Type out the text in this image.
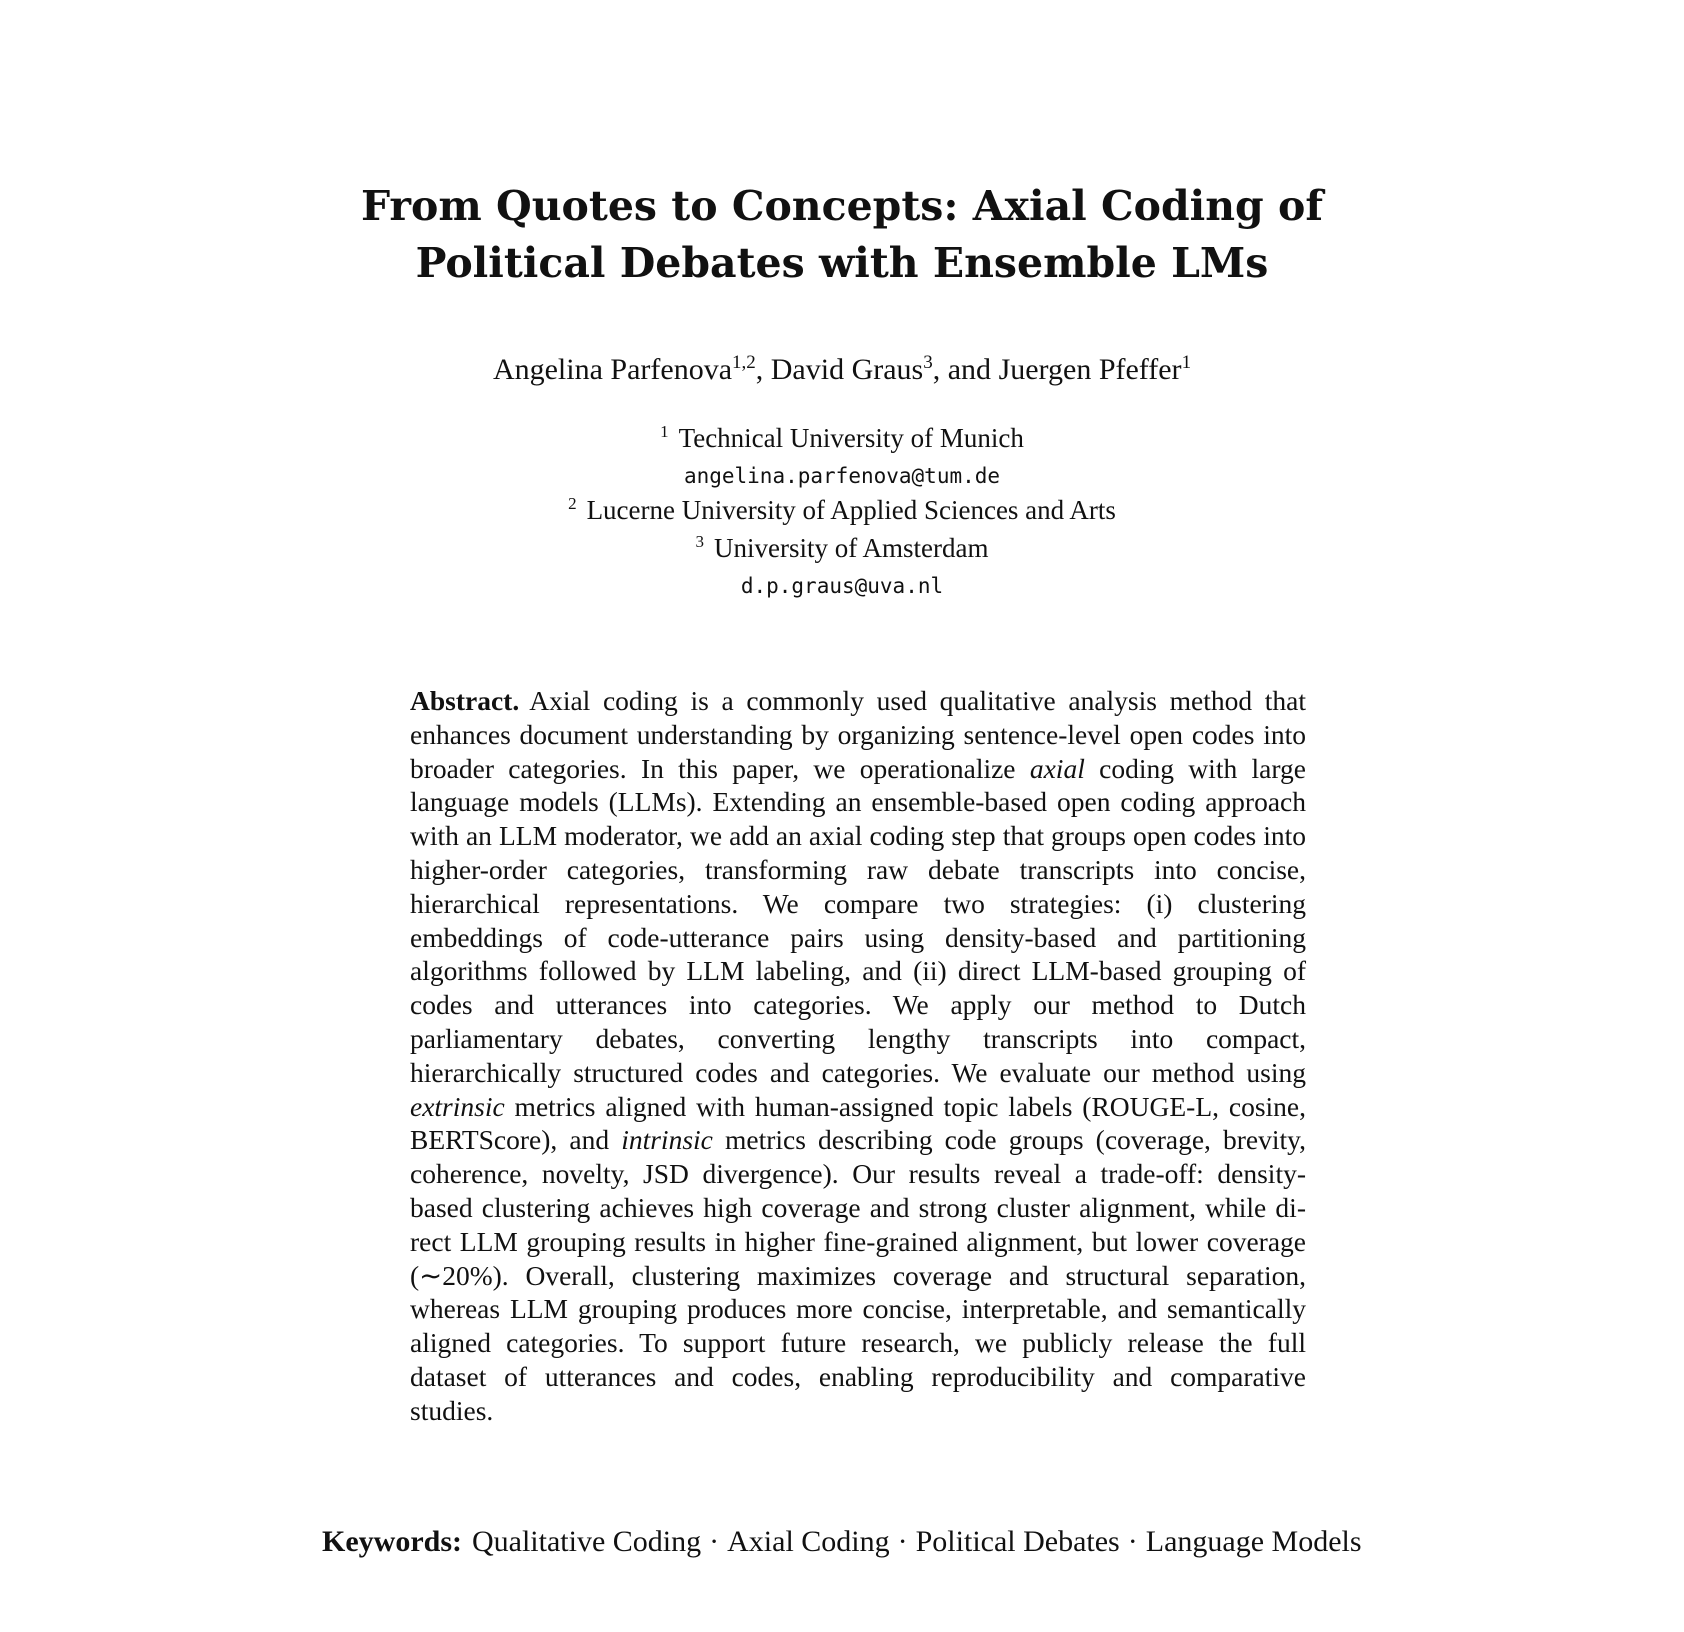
From Quotes to Concepts: Axial Coding of
Political Debates with Ensemble LMs
Angelina Parfenova$^{1,2}$, David Graus$^3$, and Juergen Pfeffer$^1$
$^1$ Technical University of Munich
angelina.parfenova@tum.de
$^2$ Lucerne University of Applied Sciences and Arts
$^3$ University of Amsterdam
d.p.graus@uva.nl
Abstract. Axial coding is a commonly used qualitative analysis method that enhances document understanding by organizing sentence-level open codes into broader categories. In this paper, we operationalize axial coding with large language models (LLMs). Extending an ensemble-based open coding approach with an LLM moderator, we add an axial coding step that groups open codes into higher-order categories, transforming raw debate transcripts into concise, hierarchical representations. We compare two strategies: (i) clustering embeddings of code-utterance pairs using density-based and partitioning algorithms followed by LLM labeling, and (ii) direct LLM-based grouping of codes and utterances into categories. We apply our method to Dutch parliamentary debates, converting lengthy transcripts into compact, hierarchically structured codes and categories. We evaluate our method using extrinsic metrics aligned with human-assigned topic labels (ROUGE-L, cosine, BERTScore), and intrinsic metrics describing code groups (coverage, brevity, coherence, novelty, JSD divergence). Our results reveal a trade-off: density-based clustering achieves high coverage and strong cluster alignment, while direct LLM grouping results in higher fine-grained alignment, but lower coverage (∼20%). Overall, clustering maximizes coverage and structural separation, whereas LLM grouping produces more concise, interpretable, and semantically aligned categories. To support future research, we publicly release the full dataset of utterances and codes, enabling reproducibility and comparative studies.
Keywords: Qualitative Coding · Axial Coding · Political Debates · Language Models
